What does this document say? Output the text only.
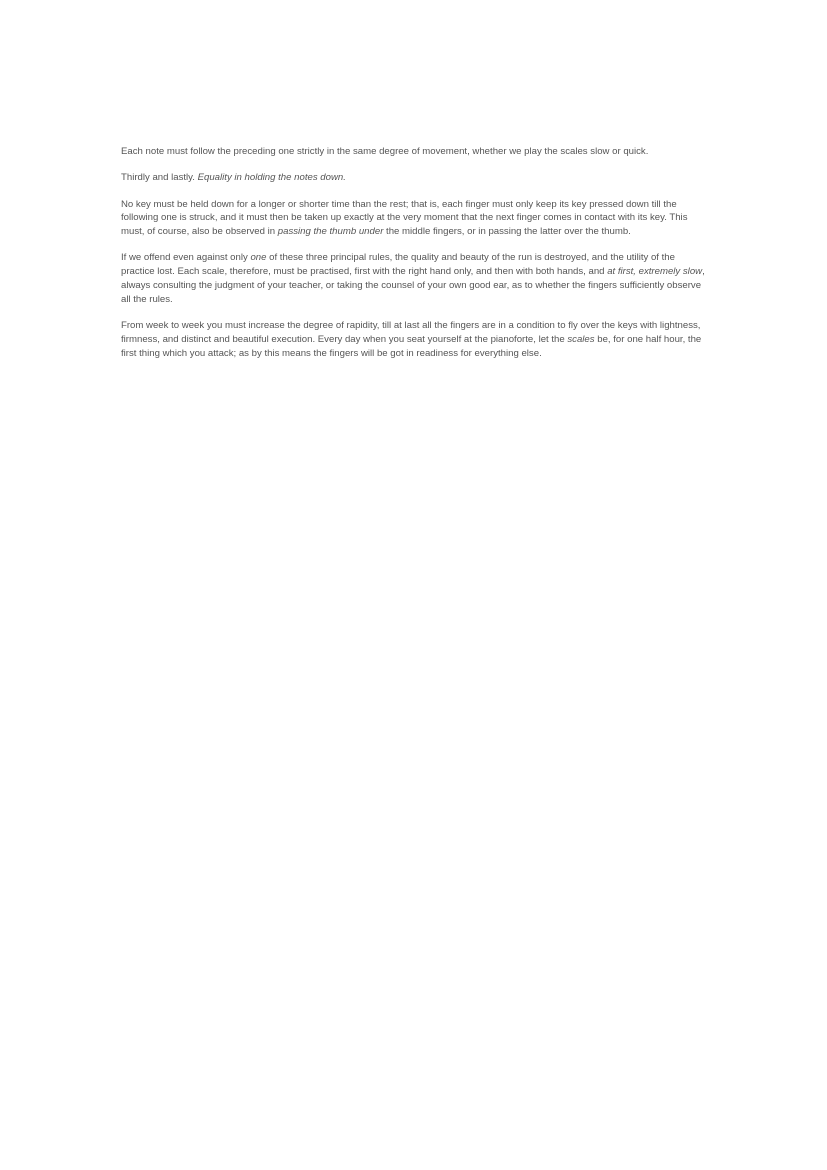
Each note must follow the preceding one strictly in the same degree of movement, whether we play the scales slow or quick.

Thirdly and lastly. Equality in holding the notes down.

No key must be held down for a longer or shorter time than the rest; that is, each finger must only keep its key pressed down till the following one is struck, and it must then be taken up exactly at the very moment that the next finger comes in contact with its key. This must, of course, also be observed in passing the thumb under the middle fingers, or in passing the latter over the thumb.

If we offend even against only one of these three principal rules, the quality and beauty of the run is destroyed, and the utility of the practice lost. Each scale, therefore, must be practised, first with the right hand only, and then with both hands, and at first, extremely slow, always consulting the judgment of your teacher, or taking the counsel of your own good ear, as to whether the fingers sufficiently observe all the rules.

From week to week you must increase the degree of rapidity, till at last all the fingers are in a condition to fly over the keys with lightness, firmness, and distinct and beautiful execution. Every day when you seat yourself at the pianoforte, let the scales be, for one half hour, the first thing which you attack; as by this means the fingers will be got in readiness for everything else.
